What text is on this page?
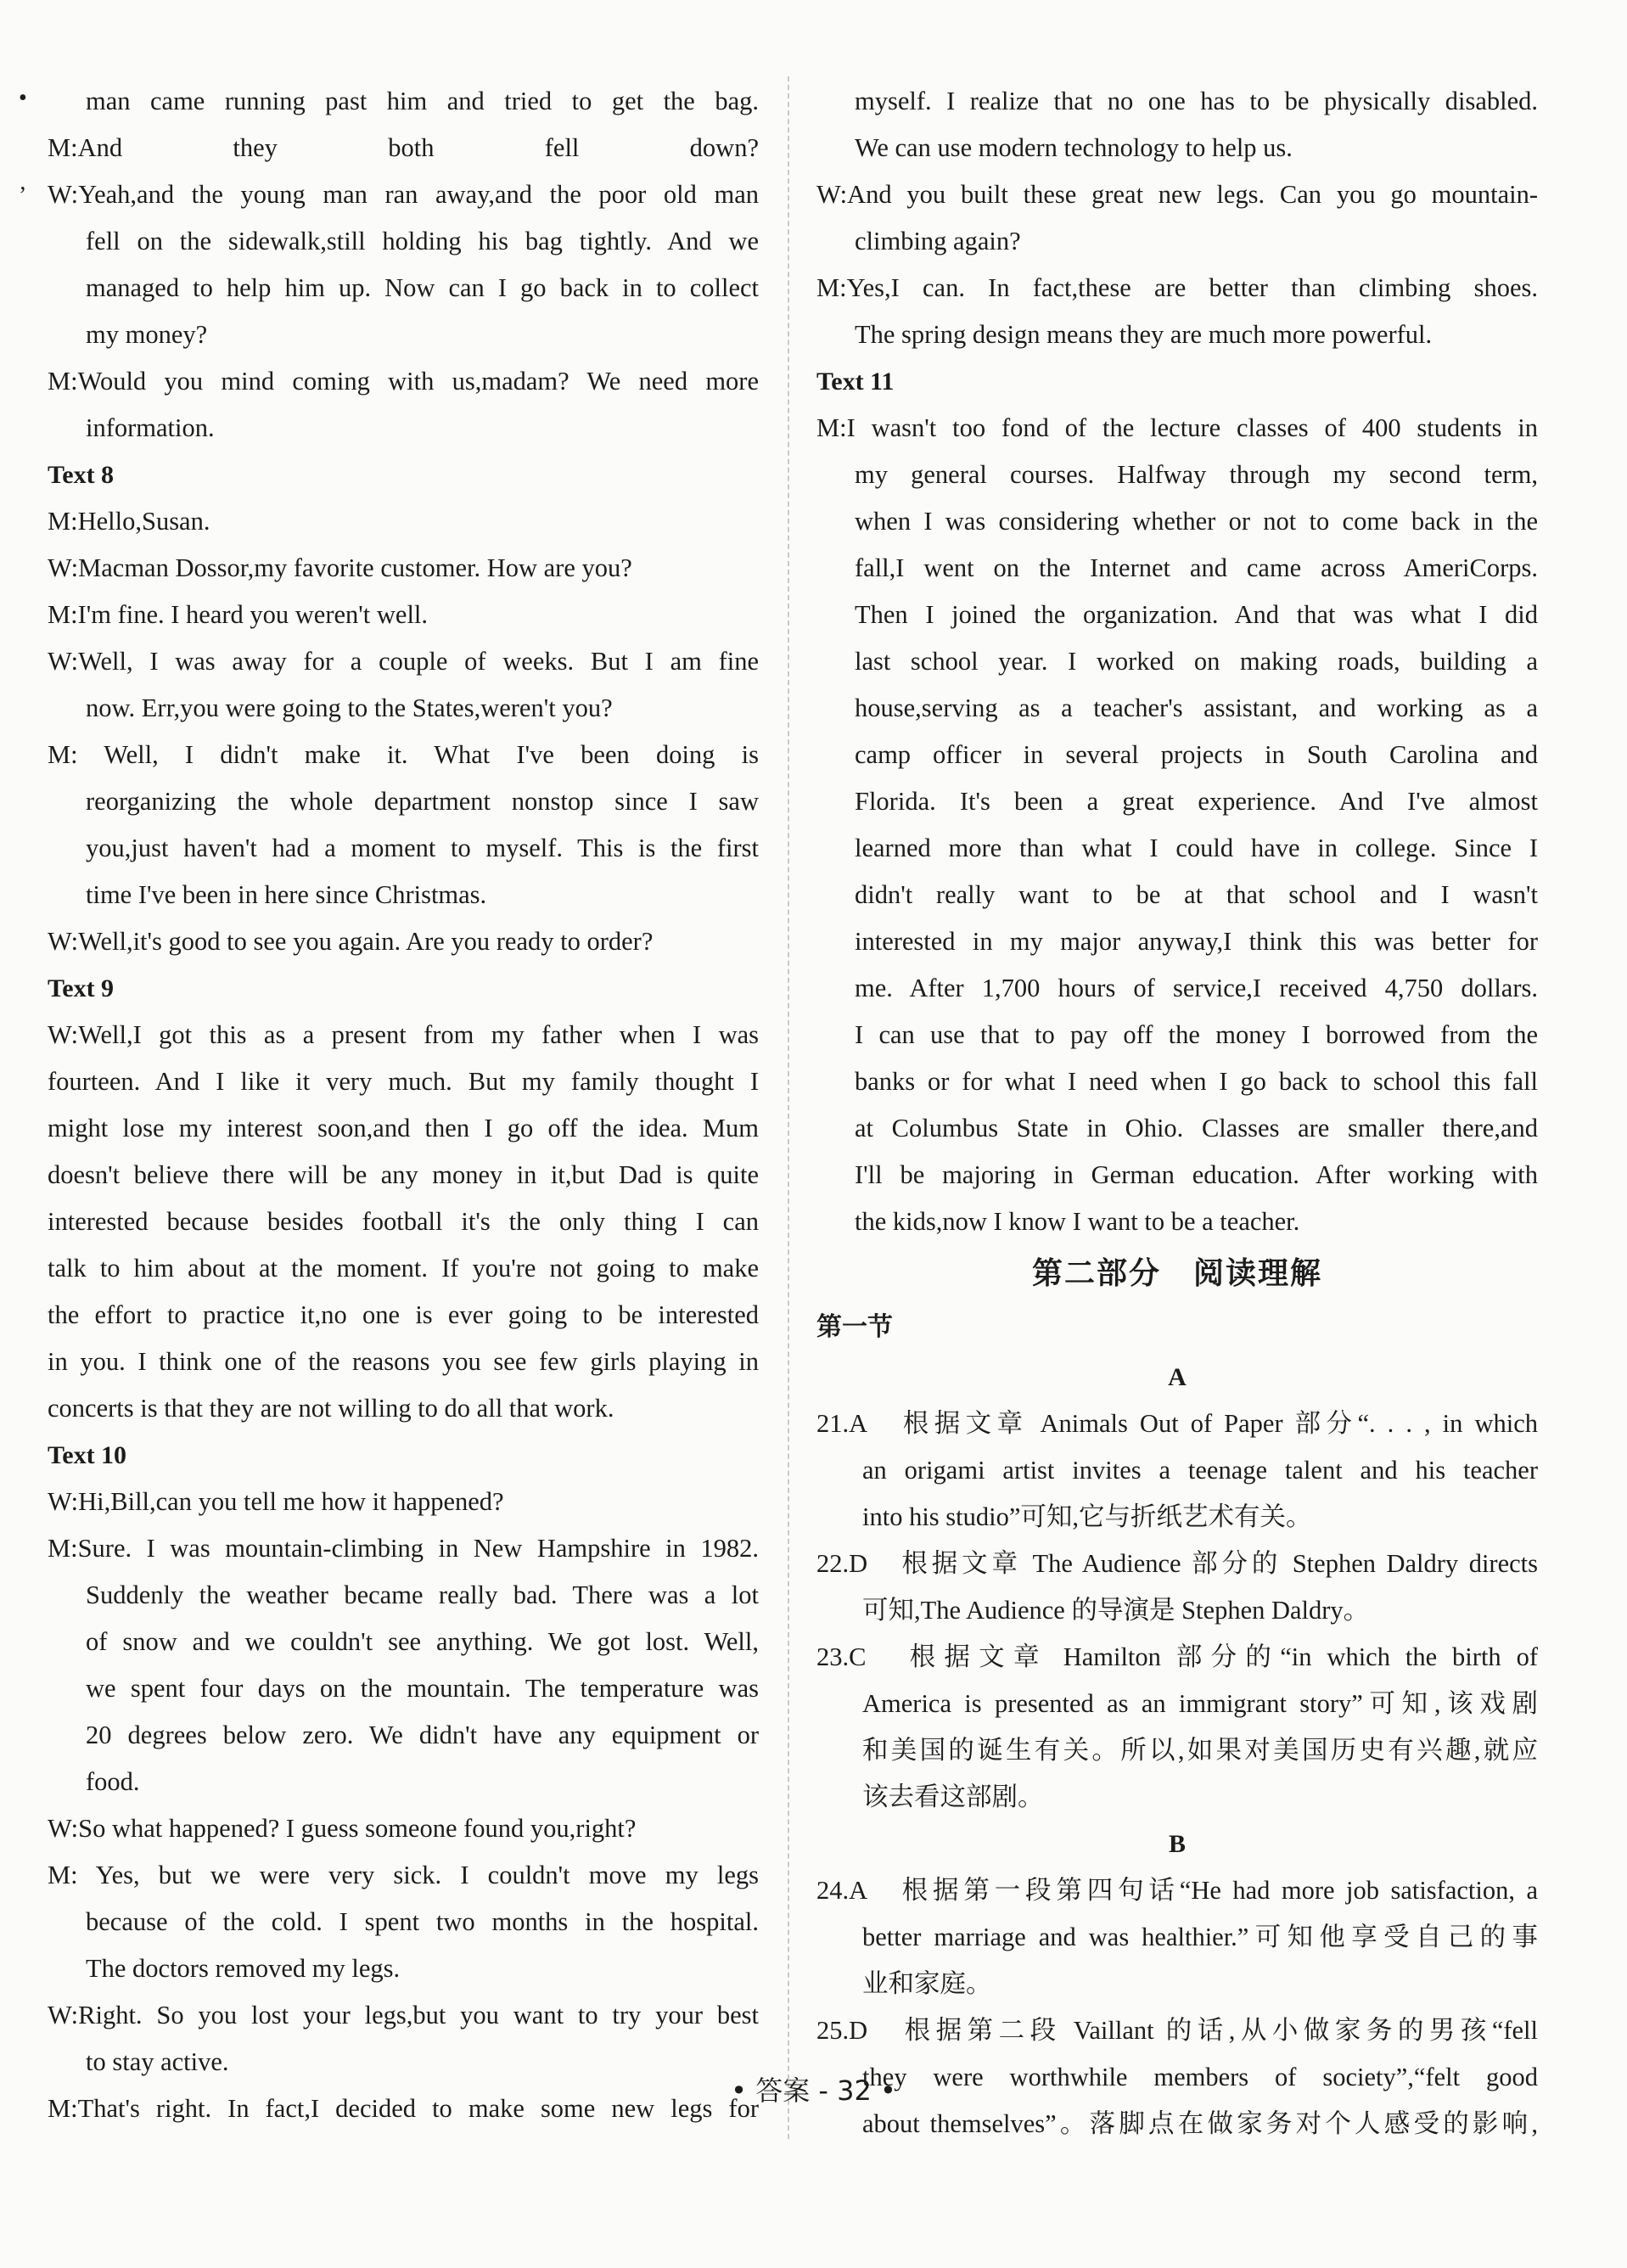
•
ʼ
man came running past him and tried to get the bag.
M:And they both fell down?
W:Yeah,and the young man ran away,and the poor old man
fell on the sidewalk,still holding his bag tightly. And we
managed to help him up. Now can I go back in to collect
my money?
M:Would you mind coming with us,madam? We need more
information.
Text 8
M:Hello,Susan.
W:Macman Dossor,my favorite customer. How are you?
M:I'm fine. I heard you weren't well.
W:Well, I was away for a couple of weeks. But I am fine
now. Err,you were going to the States,weren't you?
M: Well, I didn't make it. What I've been doing is
reorganizing the whole department nonstop since I saw
you,just haven't had a moment to myself. This is the first
time I've been in here since Christmas.
W:Well,it's good to see you again. Are you ready to order?
Text 9
W:Well,I got this as a present from my father when I was
fourteen. And I like it very much. But my family thought I
might lose my interest soon,and then I go off the idea. Mum
doesn't believe there will be any money in it,but Dad is quite
interested because besides football it's the only thing I can
talk to him about at the moment. If you're not going to make
the effort to practice it,no one is ever going to be interested
in you. I think one of the reasons you see few girls playing in
concerts is that they are not willing to do all that work.
Text 10
W:Hi,Bill,can you tell me how it happened?
M:Sure. I was mountain-climbing in New Hampshire in 1982.
Suddenly the weather became really bad. There was a lot
of snow and we couldn't see anything. We got lost. Well,
we spent four days on the mountain. The temperature was
20 degrees below zero. We didn't have any equipment or
food.
W:So what happened? I guess someone found you,right?
M: Yes, but we were very sick. I couldn't move my legs
because of the cold. I spent two months in the hospital.
The doctors removed my legs.
W:Right. So you lost your legs,but you want to try your best
to stay active.
M:That's right. In fact,I decided to make some new legs for
myself. I realize that no one has to be physically disabled.
We can use modern technology to help us.
W:And you built these great new legs. Can you go mountain-
climbing again?
M:Yes,I can. In fact,these are better than climbing shoes.
The spring design means they are much more powerful.
Text 11
M:I wasn't too fond of the lecture classes of 400 students in
my general courses. Halfway through my second term,
when I was considering whether or not to come back in the
fall,I went on the Internet and came across AmeriCorps.
Then I joined the organization. And that was what I did
last school year. I worked on making roads, building a
house,serving as a teacher's assistant, and working as a
camp officer in several projects in South Carolina and
Florida. It's been a great experience. And I've almost
learned more than what I could have in college. Since I
didn't really want to be at that school and I wasn't
interested in my major anyway,I think this was better for
me. After 1,700 hours of service,I received 4,750 dollars.
I can use that to pay off the money I borrowed from the
banks or for what I need when I go back to school this fall
at Columbus State in Ohio. Classes are smaller there,and
I'll be majoring in German education. After working with
the kids,now I know I want to be a teacher.
第二部分　阅读理解
第一节
A
21.A　根据文章 Animals Out of Paper 部分“. . . , in which
an origami artist invites a teenage talent and his teacher
into his studio”可知,它与折纸艺术有关。
22.D　根据文章 The Audience 部分的 Stephen Daldry directs
可知,The Audience 的导演是 Stephen Daldry。
23.C　根据文章 Hamilton 部分的“in which the birth of
America is presented as an immigrant story”可知,该戏剧
和美国的诞生有关。所以,如果对美国历史有兴趣,就应
该去看这部剧。
B
24.A　根据第一段第四句话“He had more job satisfaction, a
better marriage and was healthier.”可知他享受自己的事
业和家庭。
25.D　根据第二段 Vaillant 的话,从小做家务的男孩“fell
they were worthwhile members of society”,“felt good
about themselves”。落脚点在做家务对个人感受的影响,
• 答案 - 32 •
